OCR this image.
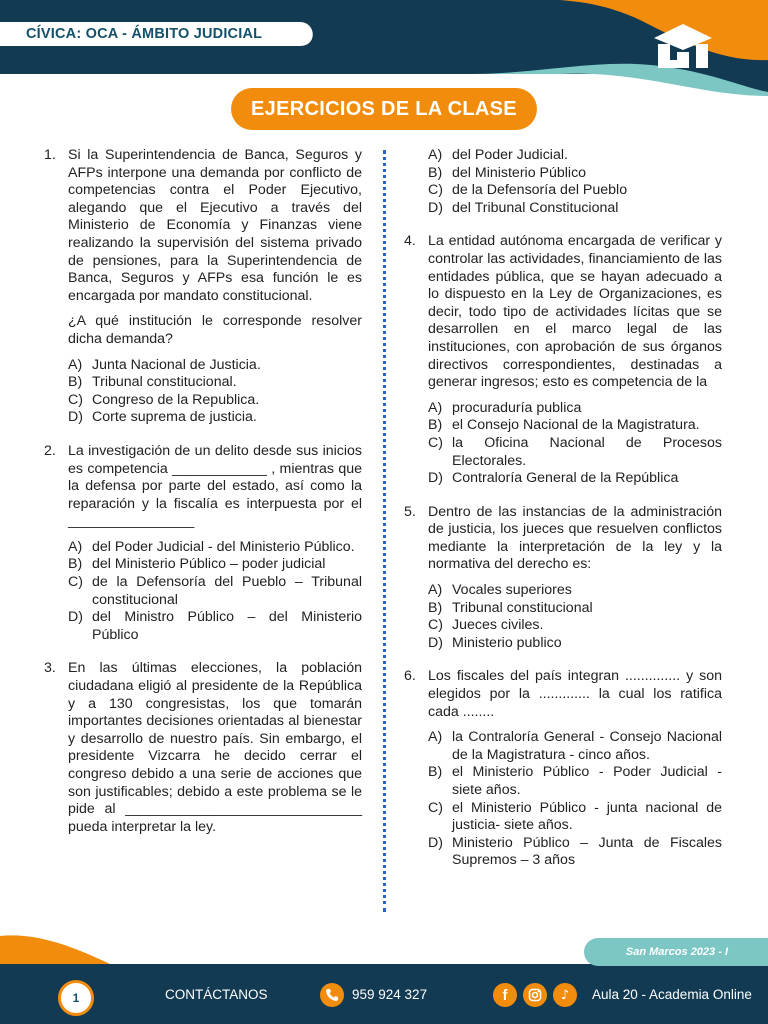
CÍVICA: OCA - ÁMBITO JUDICIAL
EJERCICIOS DE LA CLASE
1. Si la Superintendencia de Banca, Seguros y AFPs interpone una demanda por conflicto de competencias contra el Poder Ejecutivo, alegando que el Ejecutivo a través del Ministerio de Economía y Finanzas viene realizando la supervisión del sistema privado de pensiones, para la Superintendencia de Banca, Seguros y AFPs esa función le es encargada por mandato constitucional.
¿A qué institución le corresponde resolver dicha demanda?
A) Junta Nacional de Justicia.
B) Tribunal constitucional.
C) Congreso de la Republica.
D) Corte suprema de justicia.
2. La investigación de un delito desde sus inicios es competencia ____________ , mientras que la defensa por parte del estado, así como la reparación y la fiscalía es interpuesta por el ________________
A) del Poder Judicial - del Ministerio Público.
B) del Ministerio Público – poder judicial
C) de la Defensoría del Pueblo – Tribunal constitucional
D) del Ministro Público – del Ministerio Público
3. En las últimas elecciones, la población ciudadana eligió al presidente de la República y a 130 congresistas, los que tomarán importantes decisiones orientadas al bienestar y desarrollo de nuestro país. Sin embargo, el presidente Vizcarra he decido cerrar el congreso debido a una serie de acciones que son justificables; debido a este problema se le pide al ______________________________ pueda interpretar la ley.
A) del Poder Judicial.
B) del Ministerio Público
C) de la Defensoría del Pueblo
D) del Tribunal Constitucional
4. La entidad autónoma encargada de verificar y controlar las actividades, financiamiento de las entidades pública, que se hayan adecuado a lo dispuesto en la Ley de Organizaciones, es decir, todo tipo de actividades lícitas que se desarrollen en el marco legal de las instituciones, con aprobación de sus órganos directivos correspondientes, destinadas a generar ingresos; esto es competencia de la
A) procuraduría publica
B) el Consejo Nacional de la Magistratura.
C) la Oficina Nacional de Procesos Electorales.
D) Contraloría General de la República
5. Dentro de las instancias de la administración de justicia, los jueces que resuelven conflictos mediante la interpretación de la ley y la normativa del derecho es:
A) Vocales superiores
B) Tribunal constitucional
C) Jueces civiles.
D) Ministerio publico
6. Los fiscales del país integran .............. y son elegidos por la ............. la cual los ratifica cada ........
A) la Contraloría General - Consejo Nacional de la Magistratura - cinco años.
B) el Ministerio Público - Poder Judicial - siete años.
C) el Ministerio Público - junta nacional de justicia- siete años.
D) Ministerio Público – Junta de Fiscales Supremos – 3 años
San Marcos 2023 - I
1	CONTÁCTANOS	959 924 327	f	♪ Aula 20 - Academia Online
